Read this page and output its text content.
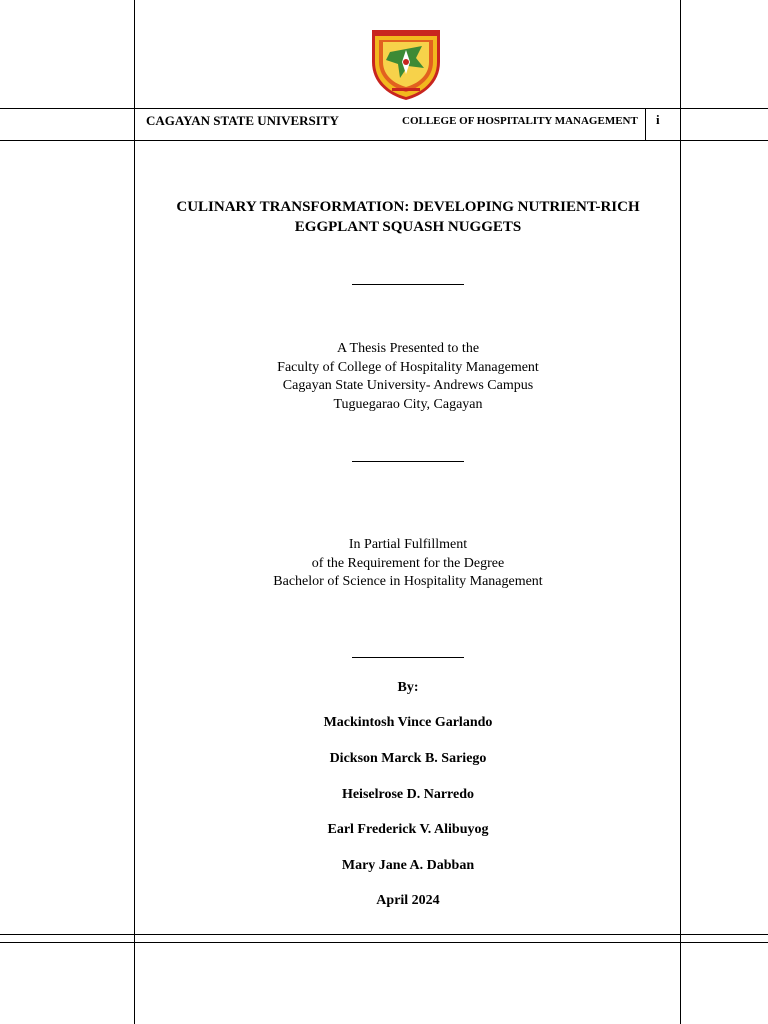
CAGAYAN STATE UNIVERSITY	COLLEGE OF HOSPITALITY MANAGEMENT i
CULINARY TRANSFORMATION: DEVELOPING NUTRIENT-RICH
EGGPLANT SQUASH NUGGETS
A Thesis Presented to the
Faculty of College of Hospitality Management
Cagayan State University- Andrews Campus
Tuguegarao City, Cagayan
In Partial Fulfillment
of the Requirement for the Degree
Bachelor of Science in Hospitality Management
By:
Mackintosh Vince Garlando
Dickson Marck B. Sariego
Heiselrose D. Narredo
Earl Frederick V. Alibuyog
Mary Jane A. Dabban
April 2024
